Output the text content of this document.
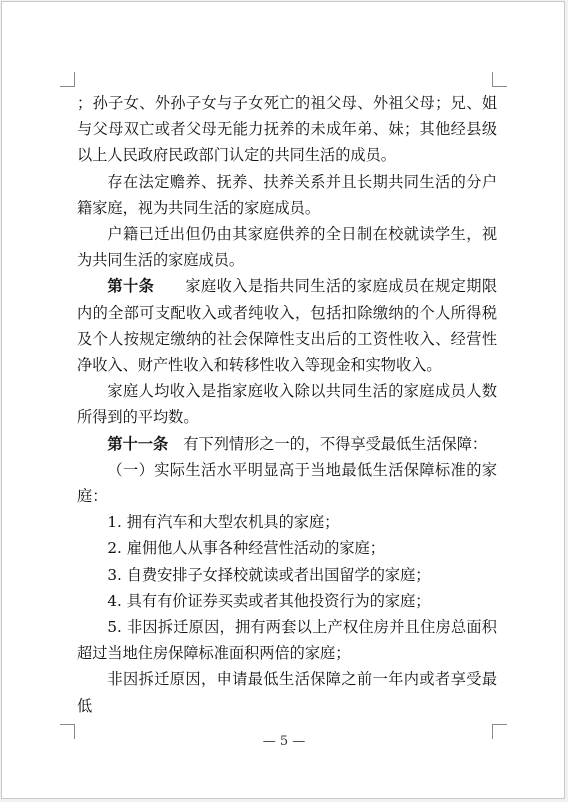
；孙子女、外孙子女与子女死亡的祖父母、外祖父母；兄、姐与父母双亡或者父母无能力抚养的未成年弟、妹；其他经县级以上人民政府民政部门认定的共同生活的成员。

存在法定赡养、抚养、扶养关系并且长期共同生活的分户籍家庭，视为共同生活的家庭成员。

户籍已迁出但仍由其家庭供养的全日制在校就读学生，视为共同生活的家庭成员。

第十条　　家庭收入是指共同生活的家庭成员在规定期限内的全部可支配收入或者纯收入，包括扣除缴纳的个人所得税及个人按规定缴纳的社会保障性支出后的工资性收入、经营性净收入、财产性收入和转移性收入等现金和实物收入。

家庭人均收入是指家庭收入除以共同生活的家庭成员人数所得到的平均数。

第十一条　 有下列情形之一的，不得享受最低生活保障：

（一）实际生活水平明显高于当地最低生活保障标准的家庭：

1. 拥有汽车和大型农机具的家庭；

2. 雇佣他人从事各种经营性活动的家庭；

3. 自费安排子女择校就读或者出国留学的家庭；

4. 具有有价证券买卖或者其他投资行为的家庭；

5. 非因拆迁原因，拥有两套以上产权住房并且住房总面积超过当地住房保障标准面积两倍的家庭；

非因拆迁原因，申请最低生活保障之前一年内或者享受最低

— 5 —
